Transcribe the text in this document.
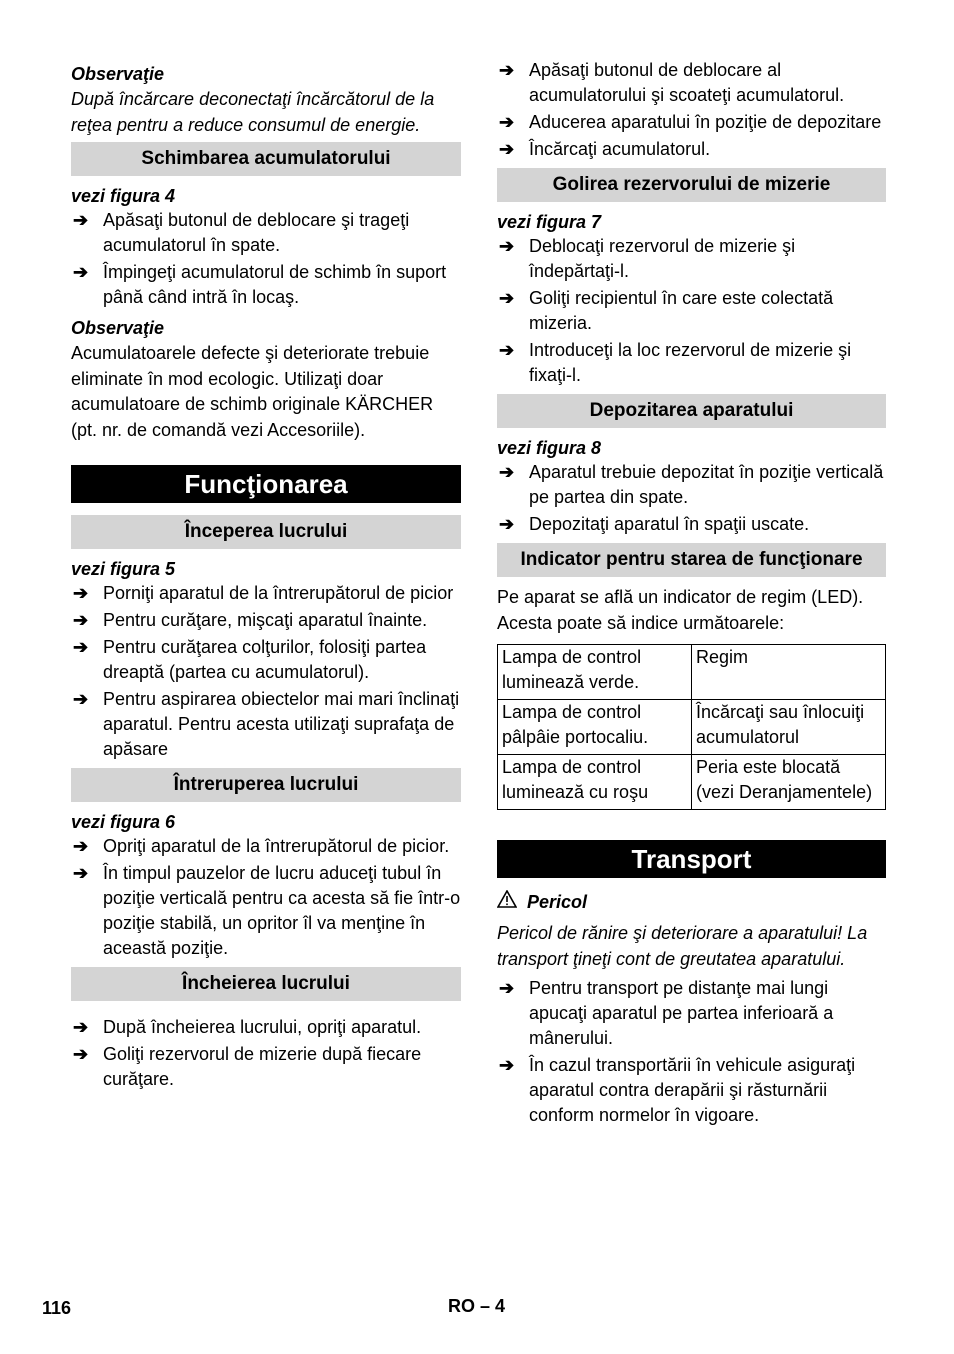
Observaţie

După încărcare deconectaţi încărcătorul de la reţea pentru a reduce consumul de energie.

Schimbarea acumulatorului

vezi figura 4

➔ Apăsaţi butonul de deblocare şi trageţi acumulatorul în spate.
➔ Împingeţi acumulatorul de schimb în suport până când intră în locaş.

Observaţie

Acumulatoarele defecte şi deteriorate trebuie eliminate în mod ecologic. Utilizaţi doar acumulatoare de schimb originale KÄRCHER (pt. nr. de comandă vezi Accesoriile).

Funcţionarea
Începerea lucrului

vezi figura 5

➔ Porniţi aparatul de la întrerupătorul de picior
➔ Pentru curăţare, mişcaţi aparatul înainte.
➔ Pentru curăţarea colţurilor, folosiţi partea dreaptă (partea cu acumulatorul).
➔ Pentru aspirarea obiectelor mai mari înclinaţi aparatul. Pentru acesta utilizaţi suprafaţa de apăsare
Întreruperea lucrului

vezi figura 6

➔ Opriţi aparatul de la întrerupătorul de picior.
➔ În timpul pauzelor de lucru aduceţi tubul în poziţie verticală pentru ca acesta să fie într-o poziţie stabilă, un opritor îl va menţine în această poziţie.
Încheierea lucrului
➔ După încheierea lucrului, opriţi aparatul.
➔ Goliţi rezervorul de mizerie după fiecare curăţare.
➔ Apăsaţi butonul de deblocare al acumulatorului şi scoateţi acumulatorul.
➔ Aducerea aparatului în poziţie de depozitare
➔ Încărcaţi acumulatorul.
Golirea rezervorului de mizerie

vezi figura 7

➔ Deblocaţi rezervorul de mizerie şi îndepărtaţi-l.
➔ Goliţi recipientul în care este colectată mizeria.
➔ Introduceţi la loc rezervorul de mizerie şi fixaţi-l.
Depozitarea aparatului

vezi figura 8

➔ Aparatul trebuie depozitat în poziţie verticală pe partea din spate.
➔ Depozitaţi aparatul în spaţii uscate.
Indicator pentru starea de funcţionare

Pe aparat se află un indicator de regim (LED). Acesta poate să indice următoarele:

Lampa de control luminează verde.	Regim
Lampa de control pâlpâie portocaliu.	Încărcaţi sau înlocuiţi acumulatorul
Lampa de control luminează cu roşu	Peria este blocată (vezi Deranjamentele)
Transport

Pericol

Pericol de rănire şi deteriorare a aparatului! La transport ţineţi cont de greutatea aparatului.

➔ Pentru transport pe distanţe mai lungi apucaţi aparatul pe partea inferioară a mânerului.
➔ În cazul transportării în vehicule asiguraţi aparatul contra derapării şi răsturnării conform normelor în vigoare.
116	RO – 4
